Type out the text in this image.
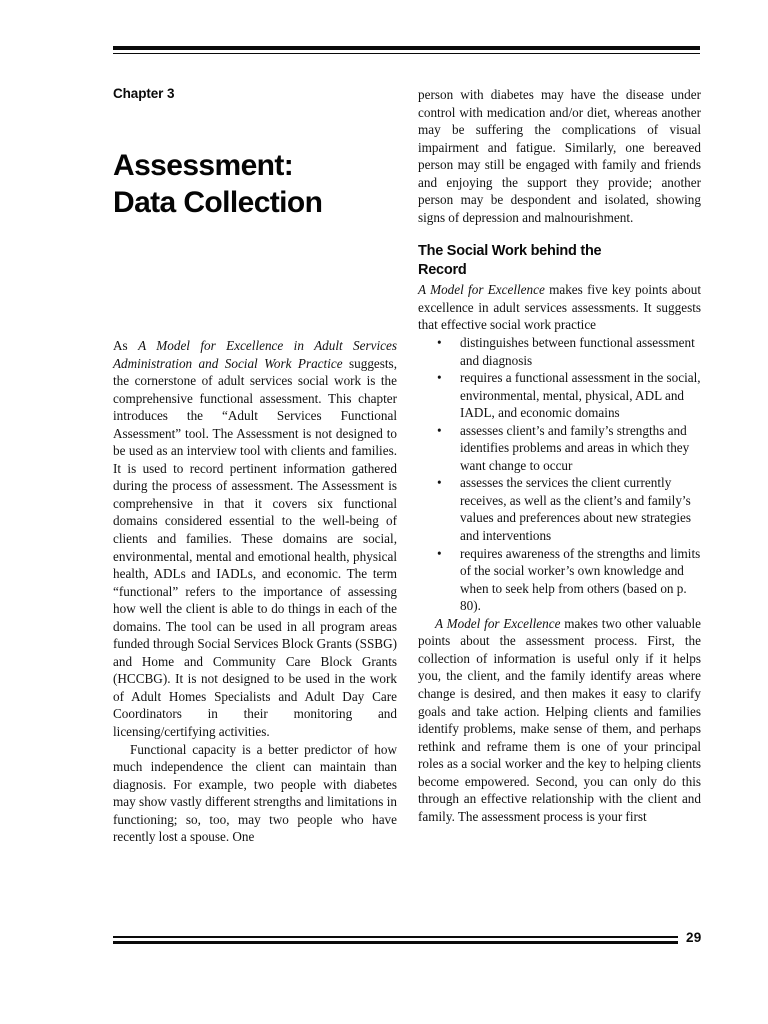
Chapter 3
Assessment:
Data Collection

As A Model for Excellence in Adult Services Administration and Social Work Practice suggests, the cornerstone of adult services social work is the comprehensive functional assessment. This chapter introduces the “Adult Services Functional Assessment” tool. The Assessment is not designed to be used as an interview tool with clients and families. It is used to record pertinent information gathered during the process of assessment. The Assessment is comprehensive in that it covers six functional domains considered essential to the well-being of clients and families. These domains are social, environmental, mental and emotional health, physical health, ADLs and IADLs, and economic. The term “functional” refers to the importance of assessing how well the client is able to do things in each of the domains. The tool can be used in all program areas funded through Social Services Block Grants (SSBG) and Home and Community Care Block Grants (HCCBG). It is not designed to be used in the work of Adult Homes Specialists and Adult Day Care Coordinators in their monitoring and licensing/certifying activities.

Functional capacity is a better predictor of how much independence the client can maintain than diagnosis. For example, two people with diabetes may show vastly different strengths and limitations in functioning; so, too, may two people who have recently lost a spouse. One

person with diabetes may have the disease under control with medication and/or diet, whereas another may be suffering the complications of visual impairment and fatigue. Similarly, one bereaved person may still be engaged with family and friends and enjoying the support they provide; another person may be despondent and isolated, showing signs of depression and malnourishment.

The Social Work behind the
Record

A Model for Excellence makes five key points about excellence in adult services assessments. It suggests that effective social work practice

• distinguishes between functional assessment and diagnosis
• requires a functional assessment in the social, environmental, mental, physical, ADL and IADL, and economic domains
• assesses client’s and family’s strengths and identifies problems and areas in which they want change to occur
• assesses the services the client currently receives, as well as the client’s and family’s values and preferences about new strategies and interventions
• requires awareness of the strengths and limits of the social worker’s own knowledge and when to seek help from others (based on p. 80).

A Model for Excellence makes two other valuable points about the assessment process. First, the collection of information is useful only if it helps you, the client, and the family identify areas where change is desired, and then makes it easy to clarify goals and take action. Helping clients and families identify problems, make sense of them, and perhaps rethink and reframe them is one of your principal roles as a social worker and the key to helping clients become empowered. Second, you can only do this through an effective relationship with the client and family. The assessment process is your first

29
